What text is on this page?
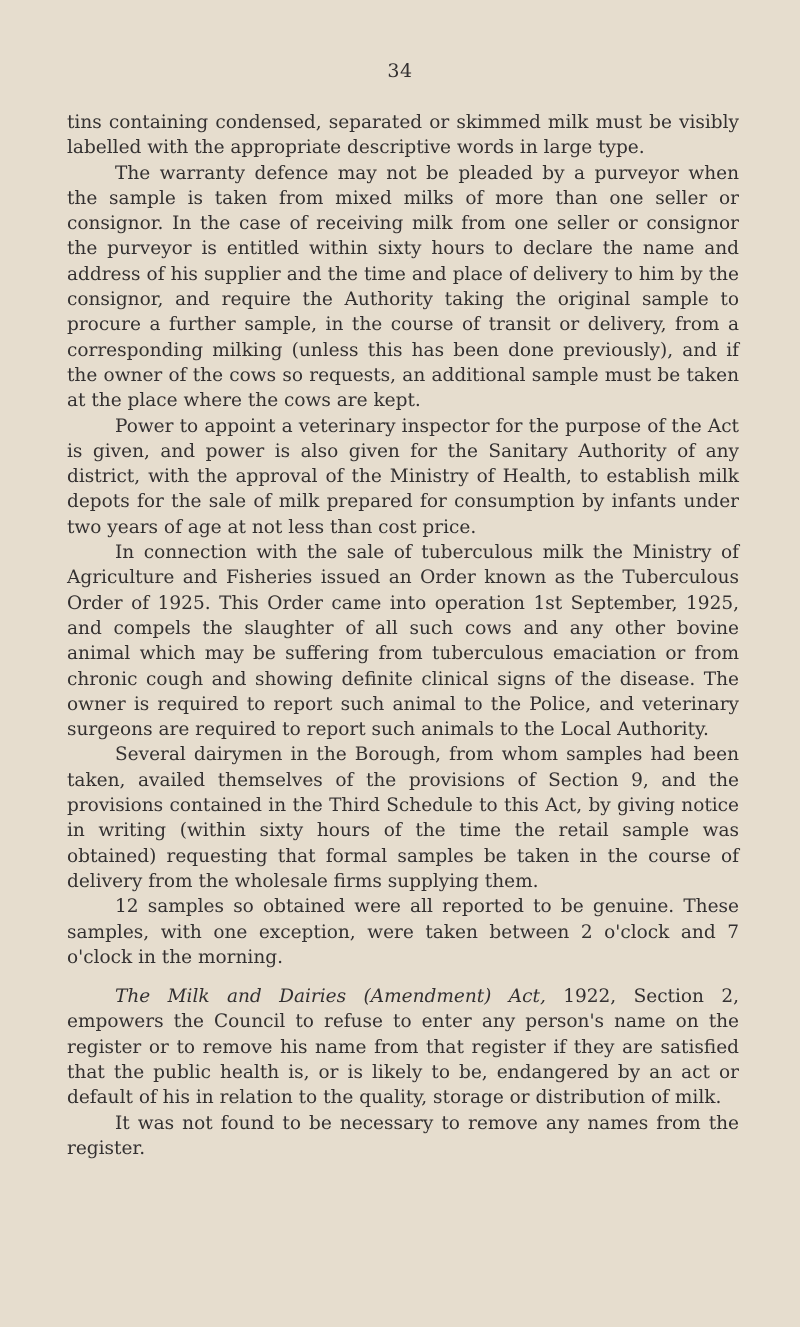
34

tins containing condensed, separated or skimmed milk must be visibly labelled with the appropriate descriptive words in large type.

The warranty defence may not be pleaded by a purveyor when the sample is taken from mixed milks of more than one seller or consignor. In the case of receiving milk from one seller or consignor the purveyor is entitled within sixty hours to declare the name and address of his supplier and the time and place of delivery to him by the consignor, and require the Authority taking the original sample to procure a further sample, in the course of transit or delivery, from a corresponding milking (unless this has been done previously), and if the owner of the cows so requests, an additional sample must be taken at the place where the cows are kept.

Power to appoint a veterinary inspector for the purpose of the Act is given, and power is also given for the Sanitary Authority of any district, with the approval of the Ministry of Health, to establish milk depots for the sale of milk prepared for consumption by infants under two years of age at not less than cost price.

In connection with the sale of tuberculous milk the Ministry of Agriculture and Fisheries issued an Order known as the Tuberculous Order of 1925. This Order came into operation 1st September, 1925, and compels the slaughter of all such cows and any other bovine animal which may be suffering from tuberculous emaciation or from chronic cough and showing definite clinical signs of the disease. The owner is required to report such animal to the Police, and veterinary surgeons are required to report such animals to the Local Authority.

Several dairymen in the Borough, from whom samples had been taken, availed themselves of the provisions of Section 9, and the provisions contained in the Third Schedule to this Act, by giving notice in writing (within sixty hours of the time the retail sample was obtained) requesting that formal samples be taken in the course of delivery from the wholesale firms supplying them.

12 samples so obtained were all reported to be genuine. These samples, with one exception, were taken between 2 o'clock and 7 o'clock in the morning.

The Milk and Dairies (Amendment) Act, 1922, Section 2, empowers the Council to refuse to enter any person's name on the register or to remove his name from that register if they are satisfied that the public health is, or is likely to be, endangered by an act or default of his in relation to the quality, storage or distribution of milk.

It was not found to be necessary to remove any names from the register.
